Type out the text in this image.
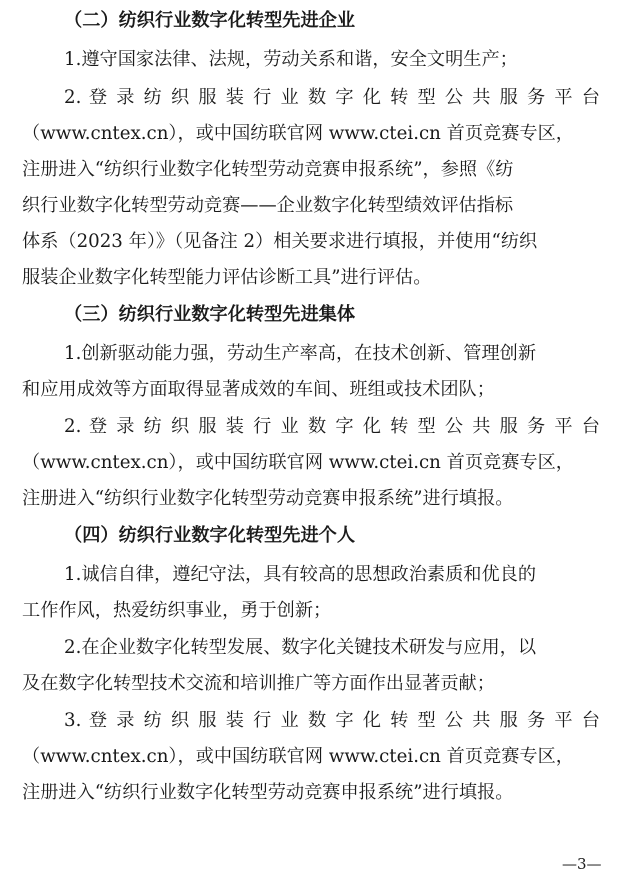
（二）纺织行业数字化转型先进企业
1.遵守国家法律、法规，劳动关系和谐，安全文明生产；
2. 登 录 纺 织 服 装 行 业 数 字 化 转 型 公 共 服 务 平 台
（www.cntex.cn），或中国纺联官网 www.ctei.cn 首页竞赛专区，
注册进入“纺织行业数字化转型劳动竞赛申报系统”，参照《纺
织行业数字化转型劳动竞赛——企业数字化转型绩效评估指标
体系（2023 年）》（见备注 2）相关要求进行填报，并使用“纺织
服装企业数字化转型能力评估诊断工具”进行评估。
（三）纺织行业数字化转型先进集体
1.创新驱动能力强，劳动生产率高，在技术创新、管理创新
和应用成效等方面取得显著成效的车间、班组或技术团队；
2. 登 录 纺 织 服 装 行 业 数 字 化 转 型 公 共 服 务 平 台
（www.cntex.cn），或中国纺联官网 www.ctei.cn 首页竞赛专区，
注册进入“纺织行业数字化转型劳动竞赛申报系统”进行填报。
（四）纺织行业数字化转型先进个人
1.诚信自律，遵纪守法，具有较高的思想政治素质和优良的
工作作风，热爱纺织事业，勇于创新；
2.在企业数字化转型发展、数字化关键技术研发与应用，以
及在数字化转型技术交流和培训推广等方面作出显著贡献；
3. 登 录 纺 织 服 装 行 业 数 字 化 转 型 公 共 服 务 平 台
（www.cntex.cn），或中国纺联官网 www.ctei.cn 首页竞赛专区，
注册进入“纺织行业数字化转型劳动竞赛申报系统”进行填报。
—3—
